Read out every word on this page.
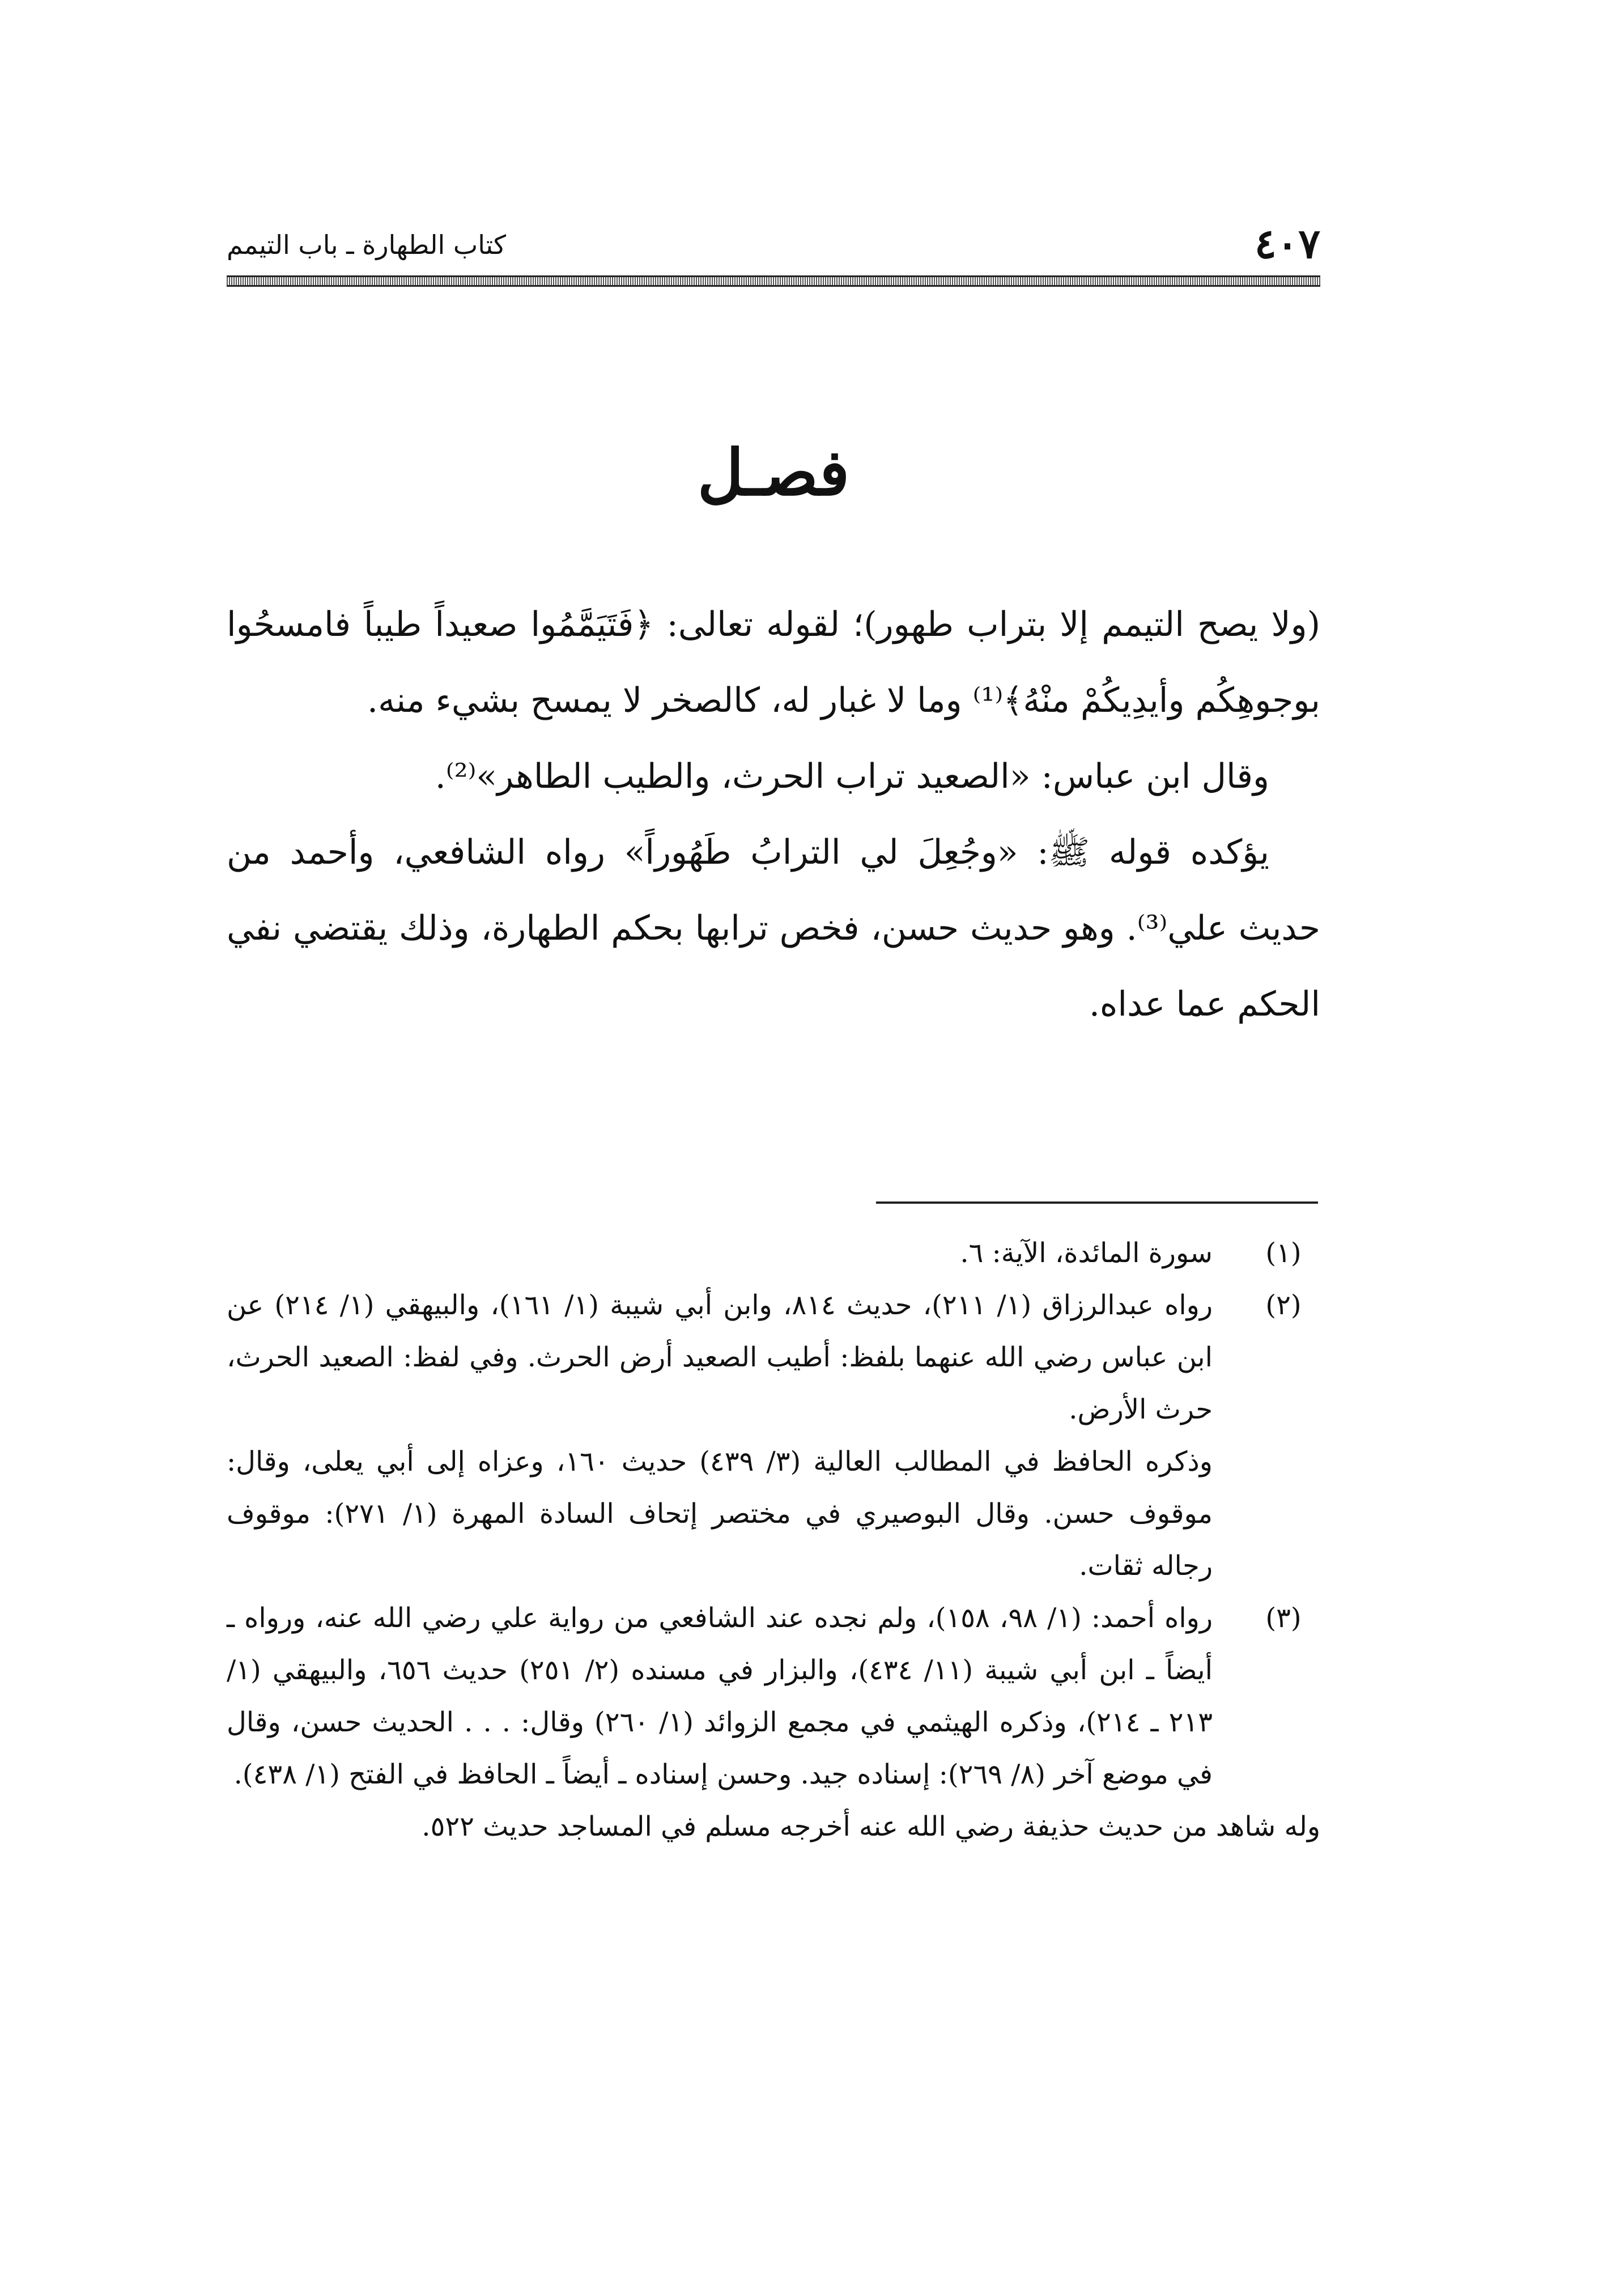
٤٠٧
كتاب الطهارة ـ باب التيمم
فصـل

(ولا يصح التيمم إلا بتراب طهور)؛ لقوله تعالى: ﴿فَتَيَمَّمُوا صعيداً طيباً فامسحُوا بوجوهِكُم وأيدِيكُمْ منْهُ﴾⁽¹⁾ وما لا غبار له، كالصخر لا يمسح بشيء منه.

وقال ابن عباس: «الصعيد تراب الحرث، والطيب الطاهر»⁽²⁾.

يؤكده قوله ﷺ: «وجُعِلَ لي الترابُ طَهُوراً» رواه الشافعي، وأحمد من حديث علي⁽³⁾. وهو حديث حسن، فخص ترابها بحكم الطهارة، وذلك يقتضي نفي الحكم عما عداه.

(١)

سورة المائدة، الآية: ٦.

(٢)

رواه عبدالرزاق (١/ ٢١١)، حديث ٨١٤، وابن أبي شيبة (١/ ١٦١)، والبيهقي (١/ ٢١٤) عن ابن عباس رضي الله عنهما بلفظ: أطيب الصعيد أرض الحرث. وفي لفظ: الصعيد الحرث، حرث الأرض.

وذكره الحافظ في المطالب العالية (٣/ ٤٣٩) حديث ١٦٠، وعزاه إلى أبي يعلى، وقال: موقوف حسن. وقال البوصيري في مختصر إتحاف السادة المهرة (١/ ٢٧١): موقوف رجاله ثقات.

(٣)

رواه أحمد: (١/ ٩٨، ١٥٨)، ولم نجده عند الشافعي من رواية علي رضي الله عنه، ورواه ـ أيضاً ـ ابن أبي شيبة (١١/ ٤٣٤)، والبزار في مسنده (٢/ ٢٥١) حديث ٦٥٦، والبيهقي (١/ ٢١٣ ـ ٢١٤)، وذكره الهيثمي في مجمع الزوائد (١/ ٢٦٠) وقال: . . . الحديث حسن، وقال في موضع آخر (٨/ ٢٦٩): إسناده جيد. وحسن إسناده ـ أيضاً ـ الحافظ في الفتح (١/ ٤٣٨).

وله شاهد من حديث حذيفة رضي الله عنه أخرجه مسلم في المساجد حديث ٥٢٢.
